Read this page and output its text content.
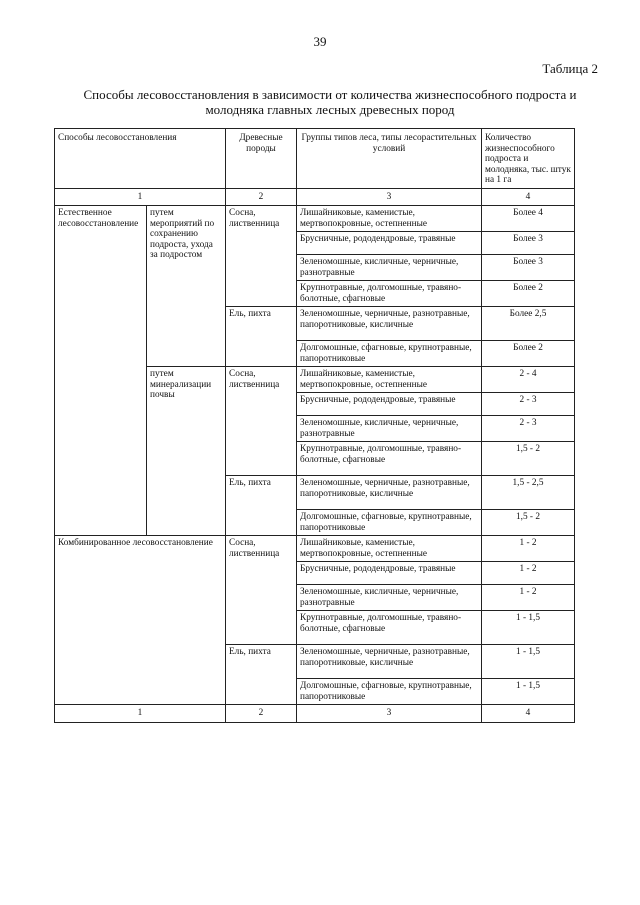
39
Таблица 2
Способы лесовосстановления в зависимости от количества жизнеспособного подроста и молодняка главных лесных древесных пород
Способы лесовосстановления		Древесные породы	Группы типов леса, типы лесорастительных условий	Количество жизнеспособного подроста и молодняка, тыс. штук на 1 га
1		2	3	4
Естественное лесовосстановление	путем мероприятий по сохранению подроста, ухода за подростом	Сосна, лиственница	Лишайниковые, каменистые, мертвопокровные, остепненные	Более 4
			Брусничные, рододендровые, травяные	Более 3
			Зеленомошные, кисличные, черничные, разнотравные	Более 3
			Крупнотравные, долгомошные, травяно-болотные, сфагновые	Более 2
		Ель, пихта	Зеленомошные, черничные, разнотравные, папоротниковые, кисличные	Более 2,5
			Долгомошные, сфагновые, крупнотравные, папоротниковые	Более 2
	путем минерализации почвы	Сосна, лиственница	Лишайниковые, каменистые, мертвопокровные, остепненные	2 - 4
			Брусничные, рододендровые, травяные	2 - 3
			Зеленомошные, кисличные, черничные, разнотравные	2 - 3
			Крупнотравные, долгомошные, травяно-болотные, сфагновые	1,5 - 2
		Ель, пихта	Зеленомошные, черничные, разнотравные, папоротниковые, кисличные	1,5 - 2,5
			Долгомошные, сфагновые, крупнотравные, папоротниковые	1,5 - 2
Комбинированное лесовосстановление		Сосна, лиственница	Лишайниковые, каменистые, мертвопокровные, остепненные	1 - 2
			Брусничные, рододендровые, травяные	1 - 2
			Зеленомошные, кисличные, черничные, разнотравные	1 - 2
			Крупнотравные, долгомошные, травяно-болотные, сфагновые	1 - 1,5
		Ель, пихта	Зеленомошные, черничные, разнотравные, папоротниковые, кисличные	1 - 1,5
			Долгомошные, сфагновые, крупнотравные, папоротниковые	1 - 1,5
1		2	3	4
